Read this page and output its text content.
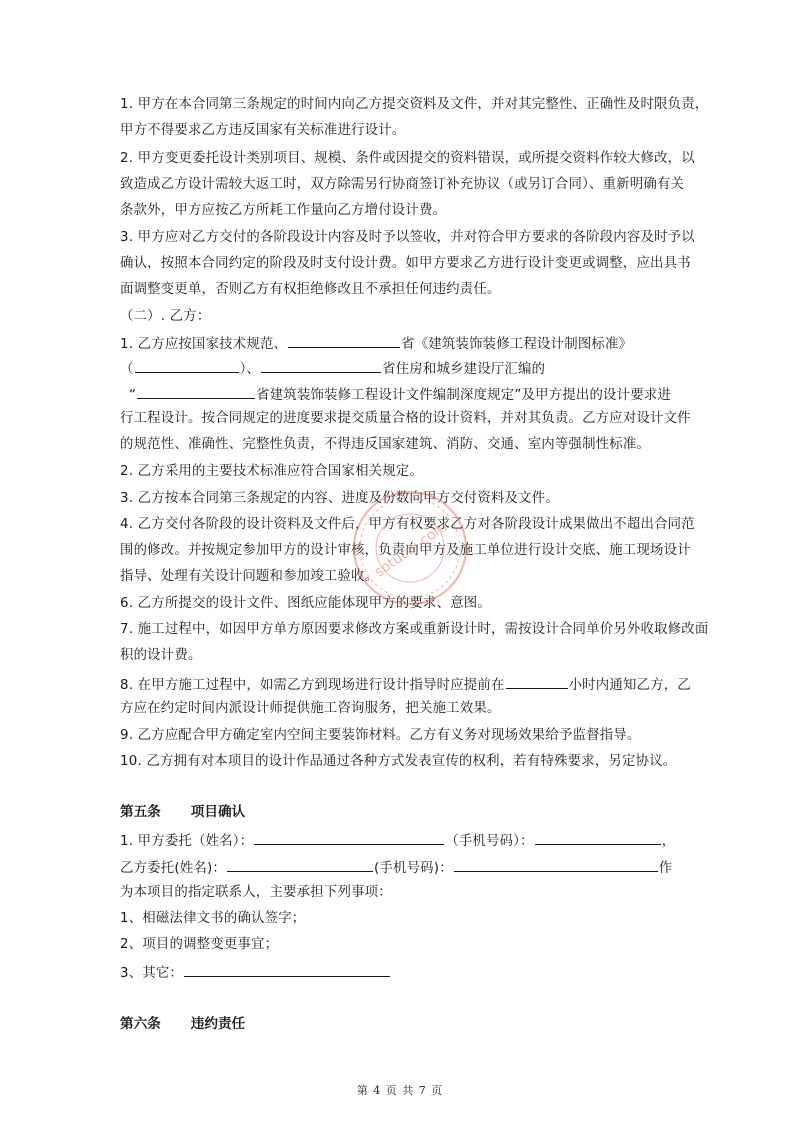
1. 甲方在本合同第三条规定的时间内向乙方提交资料及文件，并对其完整性、正确性及时限负责，
甲方不得要求乙方违反国家有关标准进行设计。
2. 甲方变更委托设计类别项目、规模、条件或因提交的资料错误，或所提交资料作较大修改，以
致造成乙方设计需较大返工时，双方除需另行协商签订补充协议（或另订合同）、重新明确有关
条款外，甲方应按乙方所耗工作量向乙方增付设计费。
3. 甲方应对乙方交付的各阶段设计内容及时予以签收，并对符合甲方要求的各阶段内容及时予以
确认，按照本合同约定的阶段及时支付设计费。如甲方要求乙方进行设计变更或调整，应出具书
面调整变更单，否则乙方有权拒绝修改且不承担任何违约责任。
（二）. 乙方：
1. 乙方应按国家技术规范、	省《建筑装饰装修工程设计制图标准》
（	）、	省住房和城乡建设厅汇编的
“	省建筑装饰装修工程设计文件编制深度规定”及甲方提出的设计要求进
行工程设计。按合同规定的进度要求提交质量合格的设计资料，并对其负责。乙方应对设计文件
的规范性、准确性、完整性负责，不得违反国家建筑、消防、交通、室内等强制性标准。
2. 乙方采用的主要技术标准应符合国家相关规定。
3. 乙方按本合同第三条规定的内容、进度及份数向甲方交付资料及文件。
4. 乙方交付各阶段的设计资料及文件后，甲方有权要求乙方对各阶段设计成果做出不超出合同范
围的修改。并按规定参加甲方的设计审核，负责向甲方及施工单位进行设计交底、施工现场设计
指导、处理有关设计问题和参加竣工验收。
6. 乙方所提交的设计文件、图纸应能体现甲方的要求、意图。
7. 施工过程中，如因甲方单方原因要求修改方案或重新设计时，需按设计合同单价另外收取修改面
积的设计费。
8. 在甲方施工过程中，如需乙方到现场进行设计指导时应提前在	小时内通知乙方，乙
方应在约定时间内派设计师提供施工咨询服务，把关施工效果。
9. 乙方应配合甲方确定室内空间主要装饰材料。乙方有义务对现场效果给予监督指导。
10. 乙方拥有对本项目的设计作品通过各种方式发表宣传的权利，若有特殊要求，另定协议。
第五条 项目确认
1. 甲方委托（姓名）：	（手机号码）：	，
乙方委托(姓名)：	(手机号码)：	作
为本项目的指定联系人，主要承担下列事项：
1、相磁法律文书的确认签字；
2、项目的调整变更事宜；
3、其它：
第六条 违约责任
sotucai.com
第 4 页 共 7 页
